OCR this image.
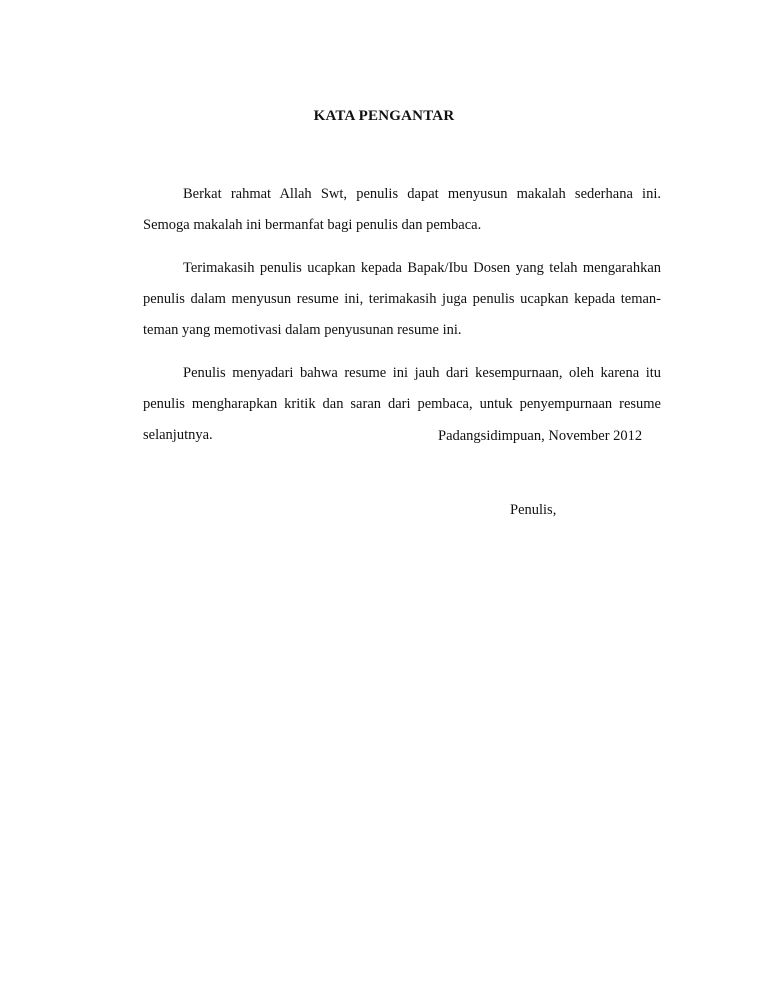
KATA PENGANTAR

Berkat rahmat Allah Swt, penulis dapat menyusun makalah sederhana ini. Semoga makalah ini bermanfat bagi penulis dan pembaca.

Terimakasih penulis ucapkan kepada Bapak/Ibu Dosen yang telah mengarahkan penulis dalam menyusun resume ini, terimakasih juga penulis ucapkan kepada teman-teman yang memotivasi dalam penyusunan resume ini.

Penulis menyadari bahwa resume ini jauh dari kesempurnaan, oleh karena itu penulis mengharapkan kritik dan saran dari pembaca, untuk penyempurnaan resume selanjutnya.	Padangsidimpuan, November 2012

Penulis,
